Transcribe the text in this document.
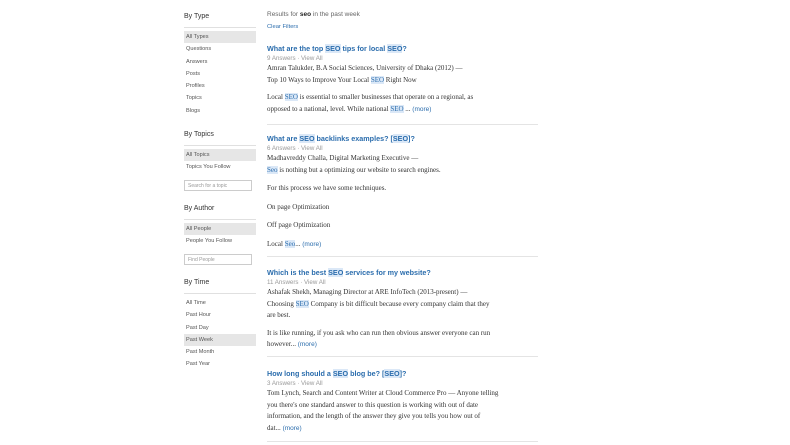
By Type
All Types
Questions
Answers
Posts
Profiles
Topics
Blogs
By Topics
All Topics
Topics You Follow
Search for a topic
By Author
All People
People You Follow
Find People
By Time
All Time
Past Hour
Past Day
Past Week
Past Month
Past Year
Results for seo in the past week
Clear Filters
What are the top SEO tips for local SEO?
9 Answers · View All
Amran Talukder, B.A Social Sciences, University of Dhaka (2012) —
Top 10 Ways to Improve Your Local SEO Right Now
Local SEO is essential to smaller businesses that operate on a regional, as
opposed to a national, level. While national SEO ... (more)
What are SEO backlinks examples? [SEO]?
6 Answers · View All
Madhavreddy Challa, Digital Marketing Executive —
Seo is nothing but a optimizing our website to search engines.
For this process we have some techniques.
On page Optimization
Off page Optimization
Local Seo... (more)
Which is the best SEO services for my website?
11 Answers · View All
Ashafak Shekh, Managing Director at ARE InfoTech (2013-present) —
Choosing SEO Company is bit difficult because every company claim that they
are best.
It is like running, if you ask who can run then obvious answer everyone can run
however... (more)
How long should a SEO blog be? [SEO]?
3 Answers · View All
Tom Lynch, Search and Content Writer at Cloud Commerce Pro — Anyone telling
you there's one standard answer to this question is working with out of date
information, and the length of the answer they give you tells you how out of
dat... (more)
